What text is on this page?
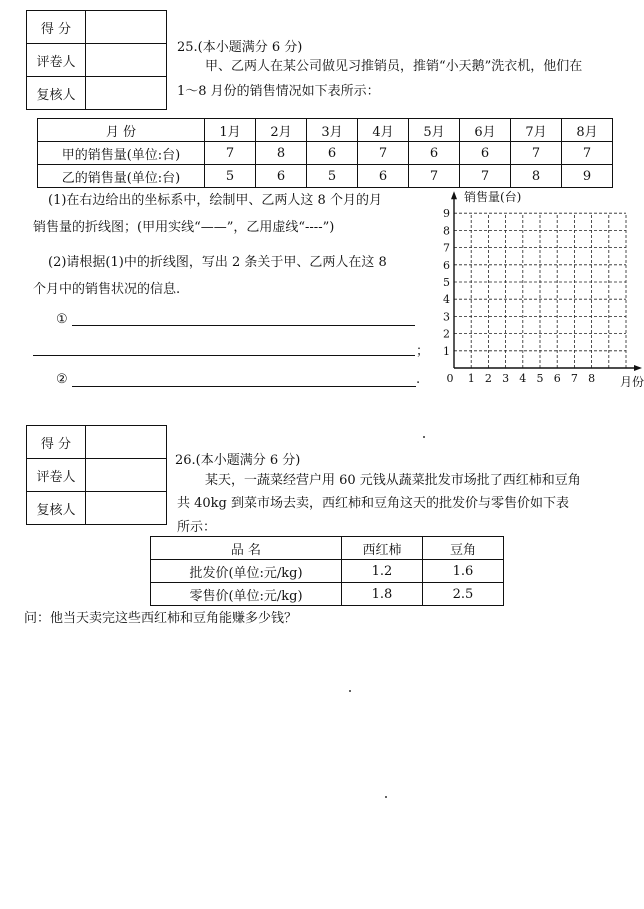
得 分	
评卷人	
复核人	
25.(本小题满分 6 分)
甲、乙两人在某公司做见习推销员，推销“小天鹅”洗衣机，他们在
1～8 月份的销售情况如下表所示：
月 份	1月	2月	3月	4月	5月	6月	7月	8月
甲的销售量(单位:台)	7	8	6	7	6	6	7	7
乙的销售量(单位:台)	5	6	5	6	7	7	8	9
(1)在右边给出的坐标系中，绘制甲、乙两人这 8 个月的月
销售量的折线图；(甲用实线“——”，乙用虚线“----”)
(2)请根据(1)中的折线图，写出 2 条关于甲、乙两人在这 8
个月中的销售状况的信息.
①
；
②	.
1
2
3
4
5
6
7
8
9
0 1 2 3 4 5 6 7 8
销售量(台)
月份
得 分	
评卷人	
复核人	
26.(本小题满分 6 分)
某天，一蔬菜经营户用 60 元钱从蔬菜批发市场批了西红柿和豆角
共 40kg 到菜市场去卖，西红柿和豆角这天的批发价与零售价如下表
所示：
品 名	西红柿	豆角
批发价(单位:元/kg)	1.2	1.6
零售价(单位:元/kg)	1.8	2.5
问：他当天卖完这些西红柿和豆角能赚多少钱？
